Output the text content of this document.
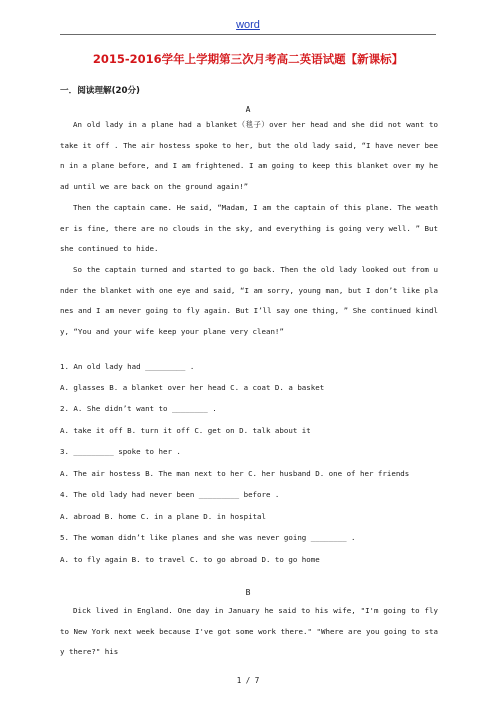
word
2015-2016学年上学期第三次月考高二英语试题【新课标】
一．阅读理解(20分)
A

An old lady in a plane had a blanket（毯子）over her head and she did not want to take it off . The air hostess spoke to her, but the old lady said, “I have never been in a plane before, and I am frightened. I am going to keep this blanket over my head until we are back on the ground again!”

Then the captain came. He said, “Madam, I am the captain of this plane. The weather is fine, there are no clouds in the sky, and everything is going very well. ” But she continued to hide.

So the captain turned and started to go back. Then the old lady looked out from under the blanket with one eye and said, “I am sorry, young man, but I don’t like planes and I am never going to fly again. But I’ll say one thing, ” She continued kindly, “You and your wife keep your plane very clean!”

1. An old lady had _________ .
A. glasses B. a blanket over her head C. a coat D. a basket
2. A. She didn’t want to ________ .
A. take it off B. turn it off C. get on D. talk about it
3. _________ spoke to her .
A. The air hostess B. The man next to her C. her husband D. one of her friends
4. The old lady had never been _________ before .
A. abroad B. home C. in a plane D. in hospital
5. The woman didn’t like planes and she was never going ________ .
A. to fly again B. to travel C. to go abroad D. to go home
B

Dick lived in England. One day in January he said to his wife, "I'm going to fly to New York next week because I've got some work there." "Where are you going to stay there?" his

1 / 7
